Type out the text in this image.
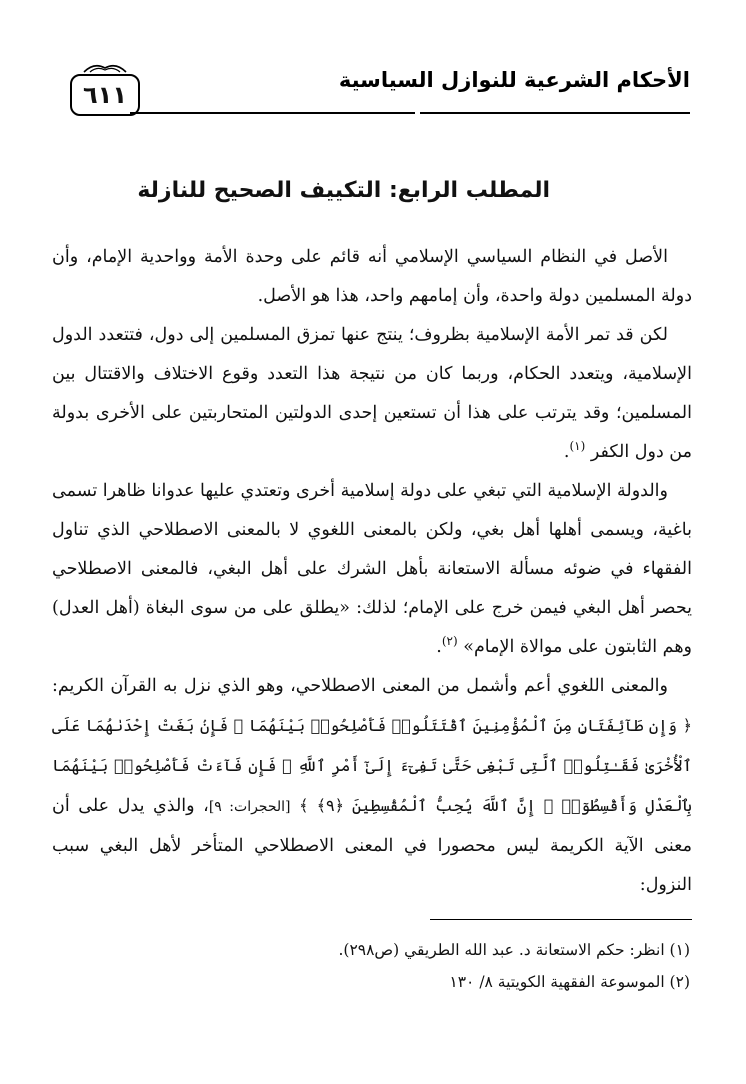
الأحكام الشرعية للنوازل السياسية
٦١١
المطلب الرابع: التكييف الصحيح للنازلة

الأصل في النظام السياسي الإسلامي أنه قائم على وحدة الأمة وواحدية الإمام، وأن دولة المسلمين دولة واحدة، وأن إمامهم واحد، هذا هو الأصل.

لكن قد تمر الأمة الإسلامية بظروف؛ ينتج عنها تمزق المسلمين إلى دول، فتتعدد الدول الإسلامية، ويتعدد الحكام، وربما كان من نتيجة هذا التعدد وقوع الاختلاف والاقتتال بين المسلمين؛ وقد يترتب على هذا أن تستعين إحدى الدولتين المتحاربتين على الأخرى بدولة من دول الكفر $^{(١)}$.

والدولة الإسلامية التي تبغي على دولة إسلامية أخرى وتعتدي عليها عدوانا ظاهرا تسمى باغية، ويسمى أهلها أهل بغي، ولكن بالمعنى اللغوي لا بالمعنى الاصطلاحي الذي تناول الفقهاء في ضوئه مسألة الاستعانة بأهل الشرك على أهل البغي، فالمعنى الاصطلاحي يحصر أهل البغي فيمن خرج على الإمام؛ لذلك: «يطلق على من سوى البغاة (أهل العدل) وهم الثابتون على موالاة الإمام» $^{(٢)}$.

والمعنى اللغوي أعم وأشمل من المعنى الاصطلاحي، وهو الذي نزل به القرآن الكريم: ﴿ وَإِن طَآئِفَتَانِ مِنَ ٱلْمُؤْمِنِينَ ٱقْتَتَلُوا۟ فَأَصْلِحُوا۟ بَيْنَهُمَا ۖ فَإِنۢ بَغَتْ إِحْدَىٰهُمَا عَلَى ٱلْأُخْرَىٰ فَقَـٰتِلُوا۟ ٱلَّتِى تَبْغِى حَتَّىٰ تَفِىٓءَ إِلَىٰٓ أَمْرِ ٱللَّهِ ۚ فَإِن فَآءَتْ فَأَصْلِحُوا۟ بَيْنَهُمَا بِٱلْعَدْلِ وَأَقْسِطُوٓا۟ ۖ إِنَّ ٱللَّهَ يُحِبُّ ٱلْمُقْسِطِينَ ﴿٩﴾ ﴾ [الحجرات: ٩]، والذي يدل على أن معنى الآية الكريمة ليس محصورا في المعنى الاصطلاحي المتأخر لأهل البغي سبب النزول:

(١) انظر: حكم الاستعانة د. عبد الله الطريقي (ص٢٩٨).
(٢) الموسوعة الفقهية الكويتية ٨/ ١٣٠
